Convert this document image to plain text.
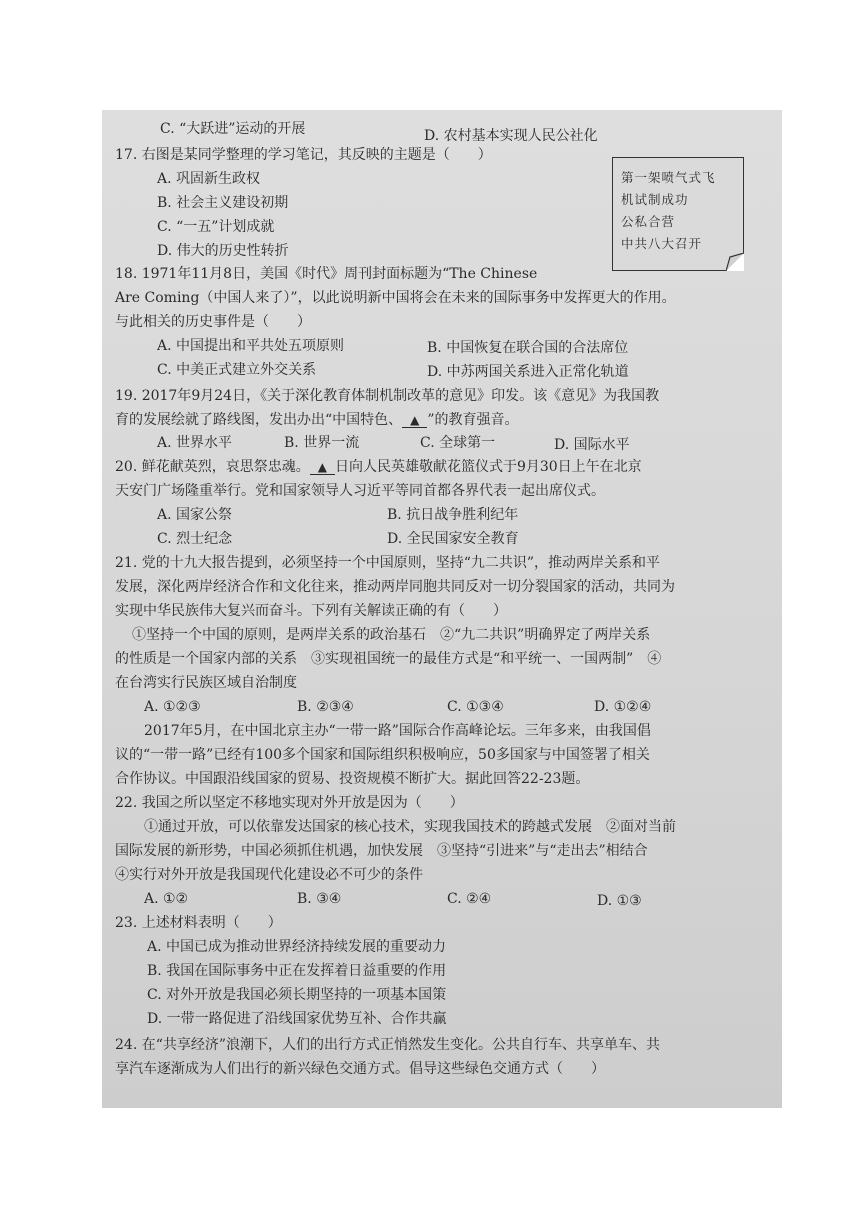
C. “大跃进”运动的开展	D. 农村基本实现人民公社化
17. 右图是某同学整理的学习笔记，其反映的主题是（　　）
A. 巩固新生政权
B. 社会主义建设初期
C. “一五”计划成就
D. 伟大的历史性转折
第一架喷气式飞
机试制成功
公私合营
中共八大召开
18. 1971年11月8日，美国《时代》周刊封面标题为“The Chinese
Are Coming（中国人来了）”，以此说明新中国将会在未来的国际事务中发挥更大的作用。
与此相关的历史事件是（　　）
A. 中国提出和平共处五项原则	B. 中国恢复在联合国的合法席位
C. 中美正式建立外交关系	D. 中苏两国关系进入正常化轨道
19. 2017年9月24日，《关于深化教育体制机制改革的意见》印发。该《意见》为我国教
育的发展绘就了路线图，发出办出“中国特色、 ▲ ”的教育强音。
A. 世界水平	B. 世界一流	C. 全球第一	D. 国际水平
20. 鲜花献英烈，哀思祭忠魂。 ▲ 日向人民英雄敬献花篮仪式于9月30日上午在北京
天安门广场隆重举行。党和国家领导人习近平等同首都各界代表一起出席仪式。
A. 国家公祭	B. 抗日战争胜利纪年
C. 烈士纪念	D. 全民国家安全教育
21. 党的十九大报告提到，必须坚持一个中国原则，坚持“九二共识”，推动两岸关系和平
发展，深化两岸经济合作和文化往来，推动两岸同胞共同反对一切分裂国家的活动，共同为
实现中华民族伟大复兴而奋斗。下列有关解读正确的有（　　）
①坚持一个中国的原则，是两岸关系的政治基石　②“九二共识”明确界定了两岸关系
的性质是一个国家内部的关系　③实现祖国统一的最佳方式是“和平统一、一国两制”　④
在台湾实行民族区域自治制度
A. ①②③	B. ②③④	C. ①③④	D. ①②④
2017年5月，在中国北京主办“一带一路”国际合作高峰论坛。三年多来，由我国倡
议的“一带一路”已经有100多个国家和国际组织积极响应，50多国家与中国签署了相关
合作协议。中国跟沿线国家的贸易、投资规模不断扩大。据此回答22-23题。
22. 我国之所以坚定不移地实现对外开放是因为（　　）
①通过开放，可以依靠发达国家的核心技术，实现我国技术的跨越式发展　②面对当前
国际发展的新形势，中国必须抓住机遇，加快发展　③坚持“引进来”与“走出去”相结合
④实行对外开放是我国现代化建设必不可少的条件
A. ①②	B. ③④	C. ②④	D. ①③
23. 上述材料表明（　　）
A. 中国已成为推动世界经济持续发展的重要动力
B. 我国在国际事务中正在发挥着日益重要的作用
C. 对外开放是我国必须长期坚持的一项基本国策
D. 一带一路促进了沿线国家优势互补、合作共赢
24. 在“共享经济”浪潮下，人们的出行方式正悄然发生变化。公共自行车、共享单车、共
享汽车逐渐成为人们出行的新兴绿色交通方式。倡导这些绿色交通方式（　　）
